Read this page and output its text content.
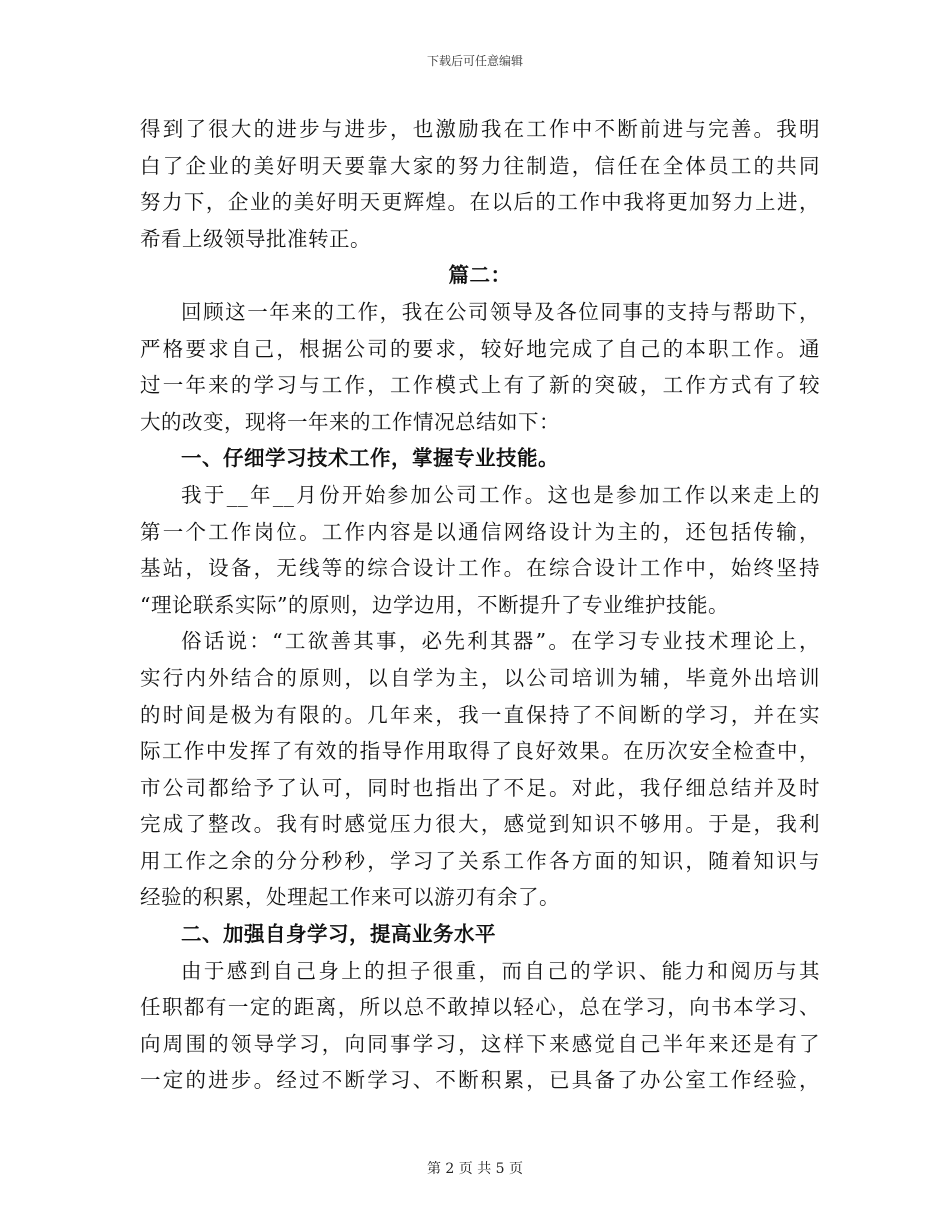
下载后可任意编辑
得到了很大的进步与进步，也激励我在工作中不断前进与完善。我明
白了企业的美好明天要靠大家的努力往制造，信任在全体员工的共同
努力下，企业的美好明天更辉煌。在以后的工作中我将更加努力上进，
希看上级领导批准转正。
篇二：
回顾这一年来的工作，我在公司领导及各位同事的支持与帮助下，
严格要求自己，根据公司的要求，较好地完成了自己的本职工作。通
过一年来的学习与工作，工作模式上有了新的突破，工作方式有了较
大的改变，现将一年来的工作情况总结如下：
一、仔细学习技术工作，掌握专业技能。
我于__年__月份开始参加公司工作。这也是参加工作以来走上的
第一个工作岗位。工作内容是以通信网络设计为主的，还包括传输，
基站，设备，无线等的综合设计工作。在综合设计工作中，始终坚持
“理论联系实际”的原则，边学边用，不断提升了专业维护技能。
俗话说：“工欲善其事，必先利其器”。在学习专业技术理论上，
实行内外结合的原则，以自学为主，以公司培训为辅，毕竟外出培训
的时间是极为有限的。几年来，我一直保持了不间断的学习，并在实
际工作中发挥了有效的指导作用取得了良好效果。在历次安全检查中，
市公司都给予了认可，同时也指出了不足。对此，我仔细总结并及时
完成了整改。我有时感觉压力很大，感觉到知识不够用。于是，我利
用工作之余的分分秒秒，学习了关系工作各方面的知识，随着知识与
经验的积累，处理起工作来可以游刃有余了。
二、加强自身学习，提高业务水平
由于感到自己身上的担子很重，而自己的学识、能力和阅历与其
任职都有一定的距离，所以总不敢掉以轻心，总在学习，向书本学习、
向周围的领导学习，向同事学习，这样下来感觉自己半年来还是有了
一定的进步。经过不断学习、不断积累，已具备了办公室工作经验，
第 2 页 共 5 页
